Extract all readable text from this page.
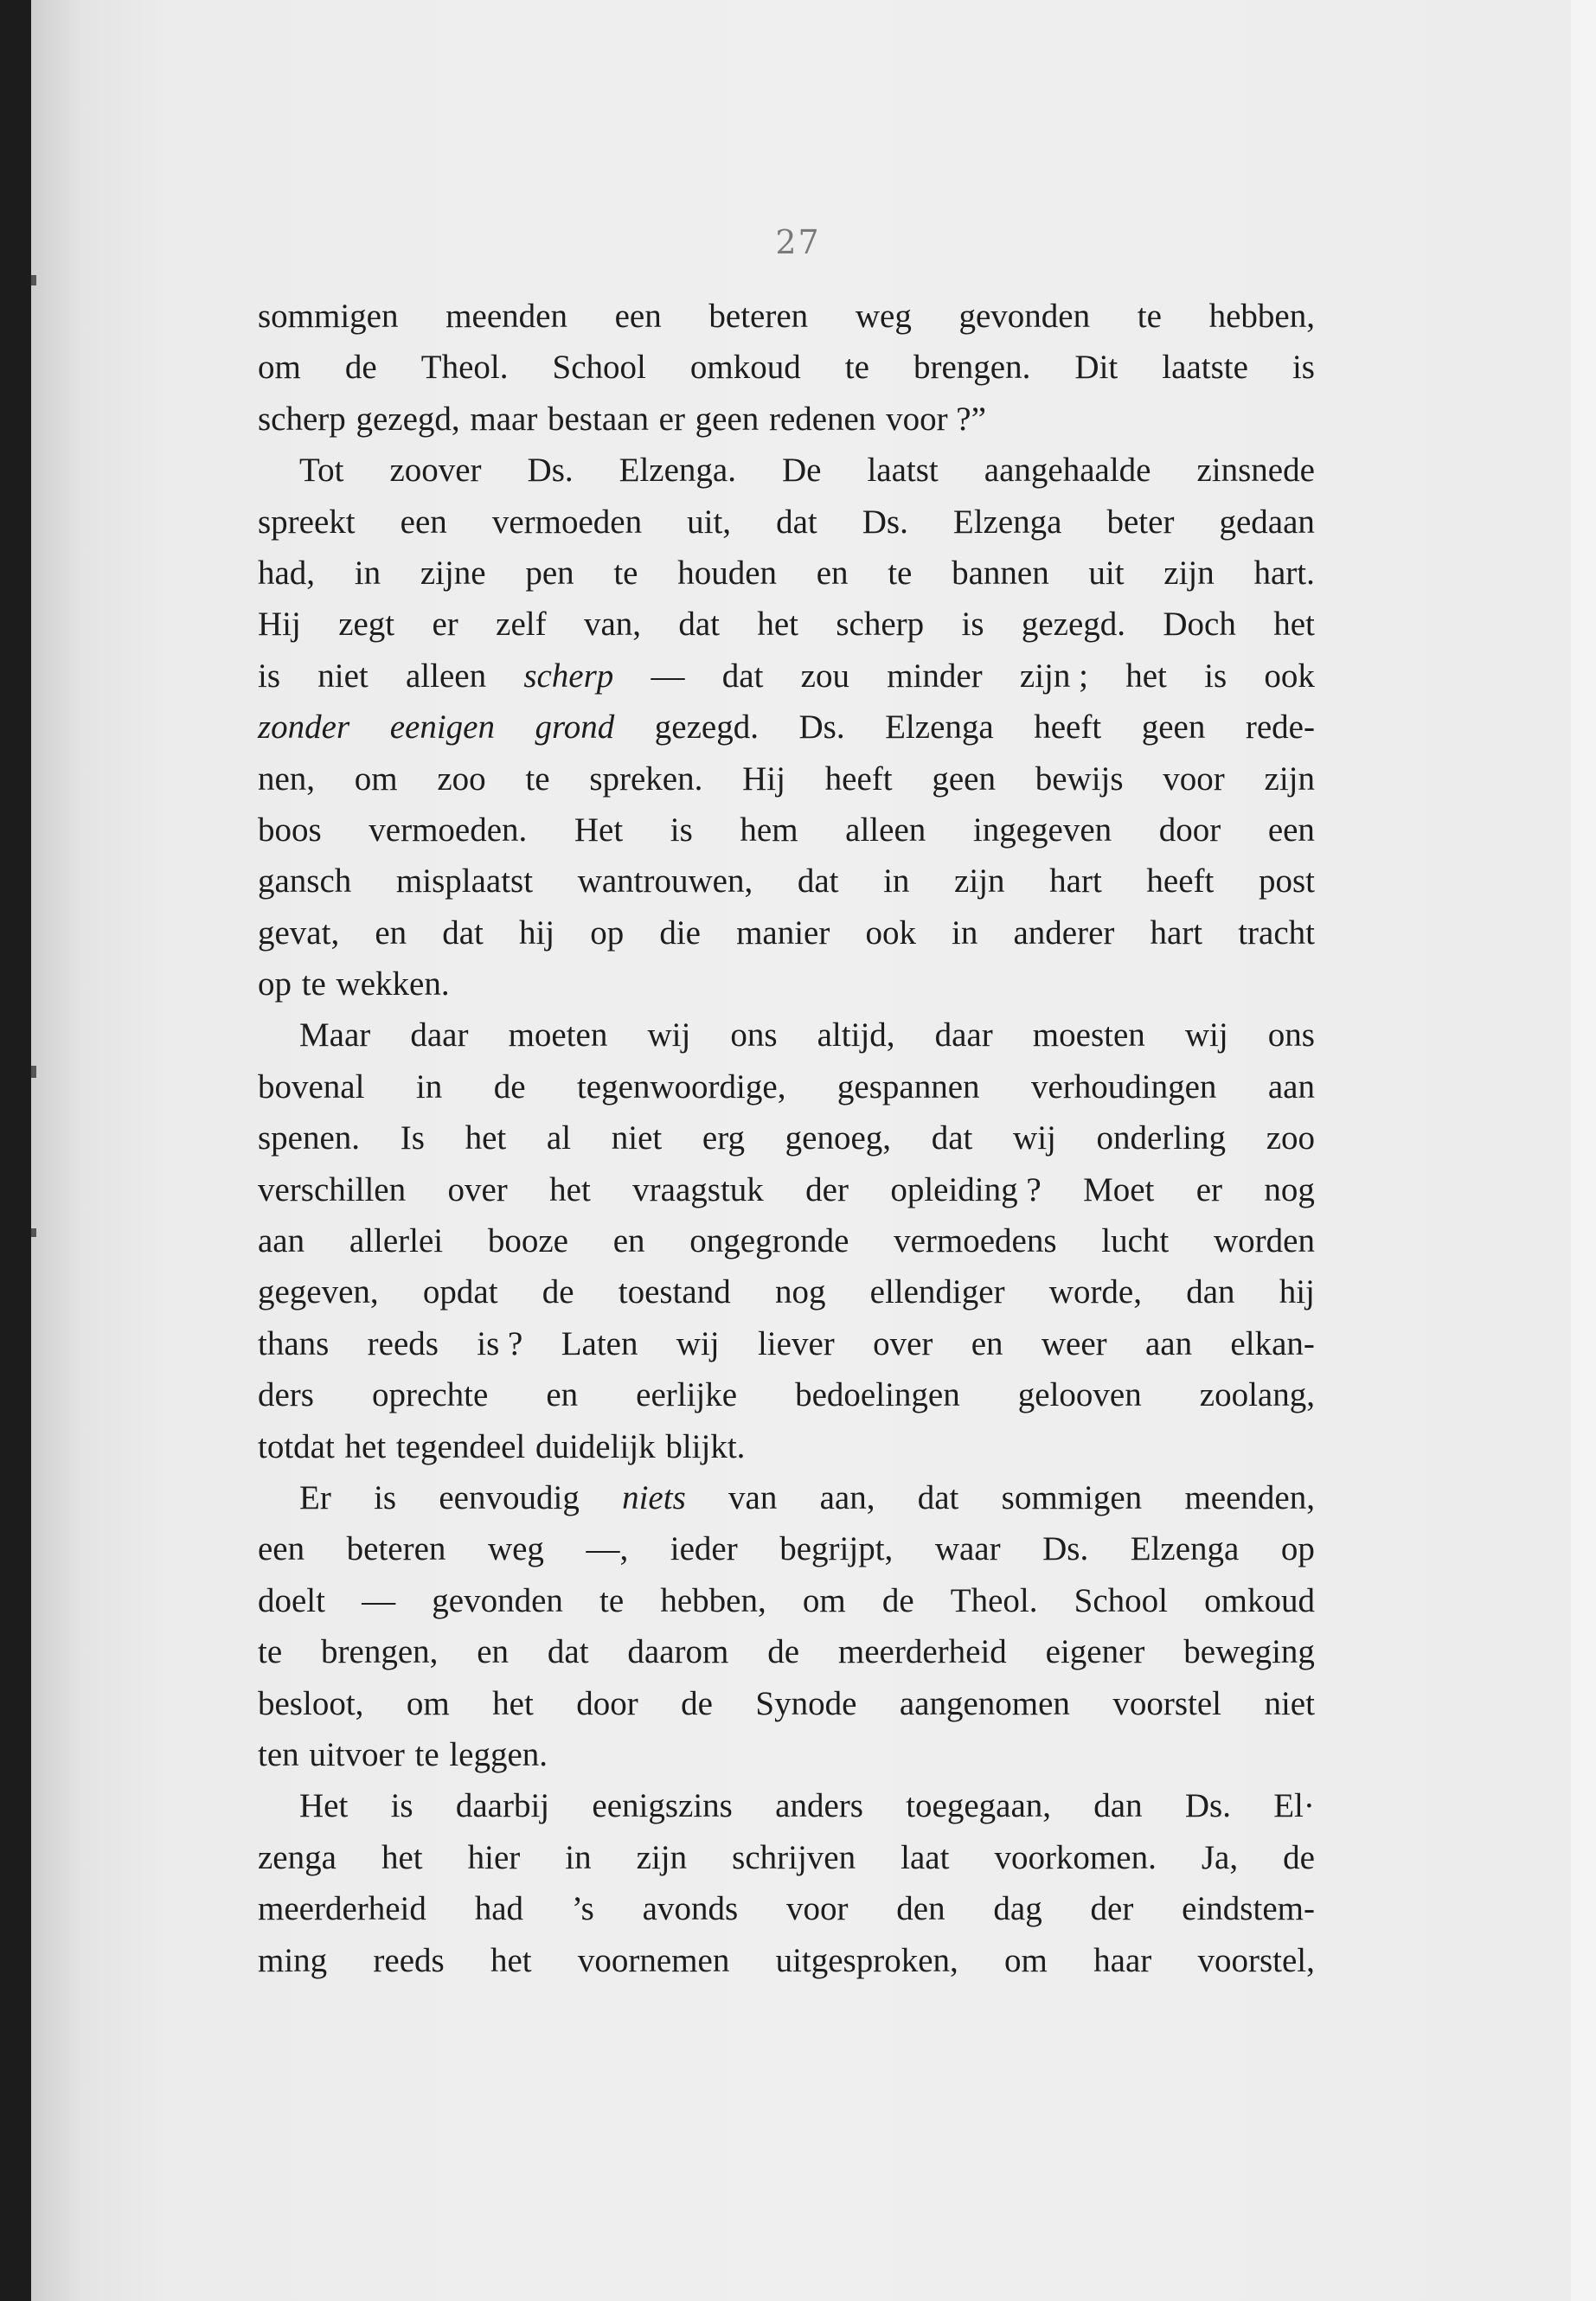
27
sommigen meenden een beteren weg gevonden te hebben,
om de Theol. School omkoud te brengen. Dit laatste is
scherp gezegd, maar bestaan er geen redenen voor ?”
Tot zoover Ds. Elzenga. De laatst aangehaalde zinsnede
spreekt een vermoeden uit, dat Ds. Elzenga beter gedaan
had, in zijne pen te houden en te bannen uit zijn hart.
Hij zegt er zelf van, dat het scherp is gezegd. Doch het
is niet alleen scherp — dat zou minder zijn ; het is ook
zonder eenigen grond gezegd. Ds. Elzenga heeft geen rede-
nen, om zoo te spreken. Hij heeft geen bewijs voor zijn
boos vermoeden. Het is hem alleen ingegeven door een
gansch misplaatst wantrouwen, dat in zijn hart heeft post
gevat, en dat hij op die manier ook in anderer hart tracht
op te wekken.
Maar daar moeten wij ons altijd, daar moesten wij ons
bovenal in de tegenwoordige, gespannen verhoudingen aan
spenen. Is het al niet erg genoeg, dat wij onderling zoo
verschillen over het vraagstuk der opleiding ? Moet er nog
aan allerlei booze en ongegronde vermoedens lucht worden
gegeven, opdat de toestand nog ellendiger worde, dan hij
thans reeds is ? Laten wij liever over en weer aan elkan-
ders oprechte en eerlijke bedoelingen gelooven zoolang,
totdat het tegendeel duidelijk blijkt.
Er is eenvoudig niets van aan, dat sommigen meenden,
een beteren weg —, ieder begrijpt, waar Ds. Elzenga op
doelt — gevonden te hebben, om de Theol. School omkoud
te brengen, en dat daarom de meerderheid eigener beweging
besloot, om het door de Synode aangenomen voorstel niet
ten uitvoer te leggen.
Het is daarbij eenigszins anders toegegaan, dan Ds. El·
zenga het hier in zijn schrijven laat voorkomen. Ja, de
meerderheid had ’s avonds voor den dag der eindstem-
ming reeds het voornemen uitgesproken, om haar voorstel,
